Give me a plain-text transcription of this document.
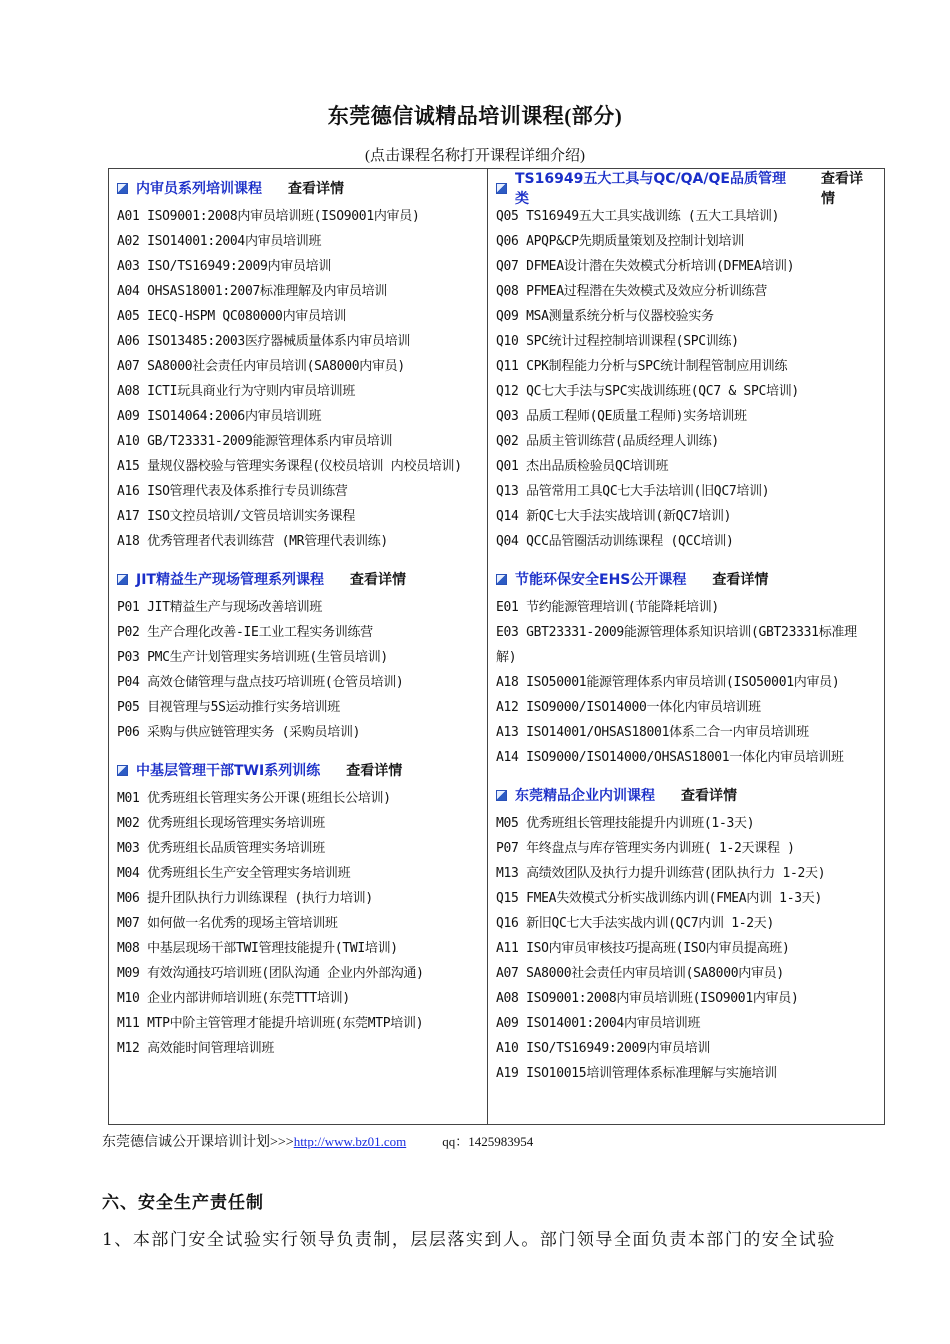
东莞德信诚精品培训课程(部分)
(点击课程名称打开课程详细介绍)
内审员系列培训课程 查看详情
A01 ISO9001:2008内审员培训班(ISO9001内审员)
A02 ISO14001:2004内审员培训班
A03 ISO/TS16949:2009内审员培训
A04 OHSAS18001:2007标准理解及内审员培训
A05 IECQ-HSPM QC080000内审员培训
A06 ISO13485:2003医疗器械质量体系内审员培训
A07 SA8000社会责任内审员培训(SA8000内审员)
A08 ICTI玩具商业行为守则内审员培训班
A09 ISO14064:2006内审员培训班
A10 GB/T23331-2009能源管理体系内审员培训
A15 量规仪器校验与管理实务课程(仪校员培训 内校员培训)
A16 ISO管理代表及体系推行专员训练营
A17 ISO文控员培训/文管员培训实务课程
A18 优秀管理者代表训练营 (MR管理代表训练)
JIT精益生产现场管理系列课程 查看详情
P01 JIT精益生产与现场改善培训班
P02 生产合理化改善-IE工业工程实务训练营
P03 PMC生产计划管理实务培训班(生管员培训)
P04 高效仓储管理与盘点技巧培训班(仓管员培训)
P05 目视管理与5S运动推行实务培训班
P06 采购与供应链管理实务 (采购员培训)
中基层管理干部TWI系列训练 查看详情
M01 优秀班组长管理实务公开课(班组长公培训)
M02 优秀班组长现场管理实务培训班
M03 优秀班组长品质管理实务培训班
M04 优秀班组长生产安全管理实务培训班
M06 提升团队执行力训练课程 (执行力培训)
M07 如何做一名优秀的现场主管培训班
M08 中基层现场干部TWI管理技能提升(TWI培训)
M09 有效沟通技巧培训班(团队沟通 企业内外部沟通)
M10 企业内部讲师培训班(东莞TTT培训)
M11 MTP中阶主管管理才能提升培训班(东莞MTP培训)
M12 高效能时间管理培训班
TS16949五大工具与QC/QA/QE品质管理类
查看详情
Q05 TS16949五大工具实战训练 (五大工具培训)
Q06 APQP&CP先期质量策划及控制计划培训
Q07 DFMEA设计潜在失效模式分析培训(DFMEA培训)
Q08 PFMEA过程潜在失效模式及效应分析训练营
Q09 MSA测量系统分析与仪器校验实务
Q10 SPC统计过程控制培训课程(SPC训练)
Q11 CPK制程能力分析与SPC统计制程管制应用训练
Q12 QC七大手法与SPC实战训练班(QC7 & SPC培训)
Q03 品质工程师(QE质量工程师)实务培训班
Q02 品质主管训练营(品质经理人训练)
Q01 杰出品质检验员QC培训班
Q13 品管常用工具QC七大手法培训(旧QC7培训)
Q14 新QC七大手法实战培训(新QC7培训)
Q04 QCC品管圈活动训练课程 (QCC培训)
节能环保安全EHS公开课程 查看详情
E01 节约能源管理培训(节能降耗培训)
E03 GBT23331-2009能源管理体系知识培训(GBT23331标准理解)
A18 ISO50001能源管理体系内审员培训(ISO50001内审员)
A12 ISO9000/ISO14000一体化内审员培训班
A13 ISO14001/OHSAS18001体系二合一内审员培训班
A14 ISO9000/ISO14000/OHSAS18001一体化内审员培训班
东莞精品企业内训课程 查看详情
M05 优秀班组长管理技能提升内训班(1-3天)
P07 年终盘点与库存管理实务内训班( 1-2天课程 )
M13 高绩效团队及执行力提升训练营(团队执行力 1-2天)
Q15 FMEA失效模式分析实战训练内训(FMEA内训 1-3天)
Q16 新旧QC七大手法实战内训(QC7内训 1-2天)
A11 ISO内审员审核技巧提高班(ISO内审员提高班)
A07 SA8000社会责任内审员培训(SA8000内审员)
A08 ISO9001:2008内审员培训班(ISO9001内审员)
A09 ISO14001:2004内审员培训班
A10 ISO/TS16949:2009内审员培训
A19 ISO10015培训管理体系标准理解与实施培训
东莞德信诚公开课培训计划>>>http://www.bz01.com	qq：1425983954
六、安全生产责任制
1、本部门安全试验实行领导负责制，层层落实到人。部门领导全面负责本部门的安全试验
